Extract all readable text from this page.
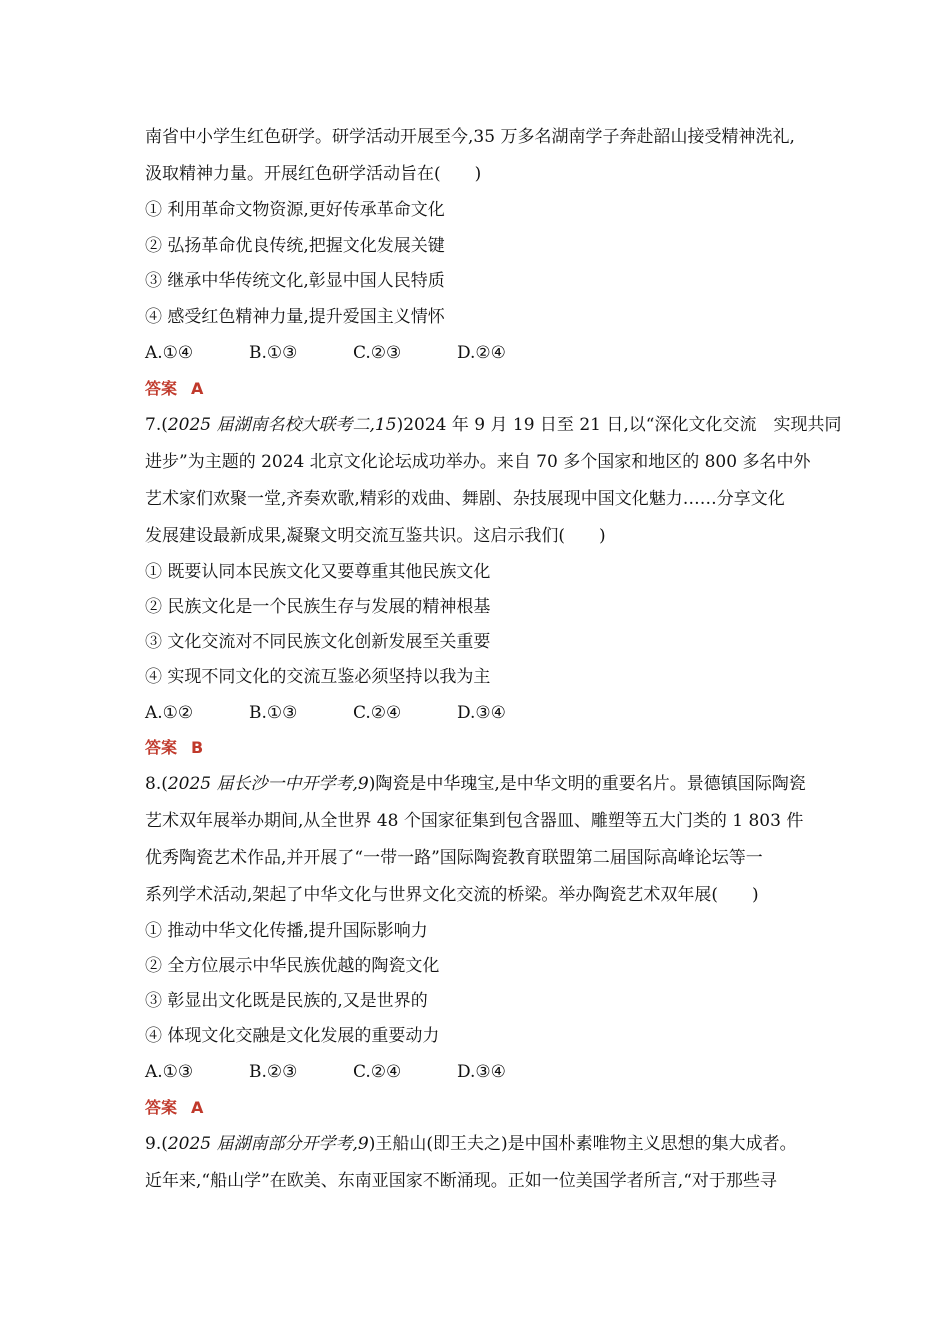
南省中小学生红色研学。研学活动开展至今,35 万多名湖南学子奔赴韶山接受精神洗礼,
汲取精神力量。开展红色研学活动旨在(　　)
① 利用革命文物资源,更好传承革命文化
② 弘扬革命优良传统,把握文化发展关键
③ 继承中华传统文化,彰显中国人民特质
④ 感受红色精神力量,提升爱国主义情怀
A.①④	B.①③	C.②③	D.②④
答案 A
7.(2025 届湖南名校大联考二,15)2024 年 9 月 19 日至 21 日,以“深化文化交流　实现共同
进步”为主题的 2024 北京文化论坛成功举办。来自 70 多个国家和地区的 800 多名中外
艺术家们欢聚一堂,齐奏欢歌,精彩的戏曲、舞剧、杂技展现中国文化魅力……分享文化
发展建设最新成果,凝聚文明交流互鉴共识。这启示我们(　　)
① 既要认同本民族文化又要尊重其他民族文化
② 民族文化是一个民族生存与发展的精神根基
③ 文化交流对不同民族文化创新发展至关重要
④ 实现不同文化的交流互鉴必须坚持以我为主
A.①②	B.①③	C.②④	D.③④
答案 B
8.(2025 届长沙一中开学考,9)陶瓷是中华瑰宝,是中华文明的重要名片。景德镇国际陶瓷
艺术双年展举办期间,从全世界 48 个国家征集到包含器皿、雕塑等五大门类的 1 803 件
优秀陶瓷艺术作品,并开展了“一带一路”国际陶瓷教育联盟第二届国际高峰论坛等一
系列学术活动,架起了中华文化与世界文化交流的桥梁。举办陶瓷艺术双年展(　　)
① 推动中华文化传播,提升国际影响力
② 全方位展示中华民族优越的陶瓷文化
③ 彰显出文化既是民族的,又是世界的
④ 体现文化交融是文化发展的重要动力
A.①③	B.②③	C.②④	D.③④
答案 A
9.(2025 届湖南部分开学考,9)王船山(即王夫之)是中国朴素唯物主义思想的集大成者。
近年来,“船山学”在欧美、东南亚国家不断涌现。正如一位美国学者所言,“对于那些寻
